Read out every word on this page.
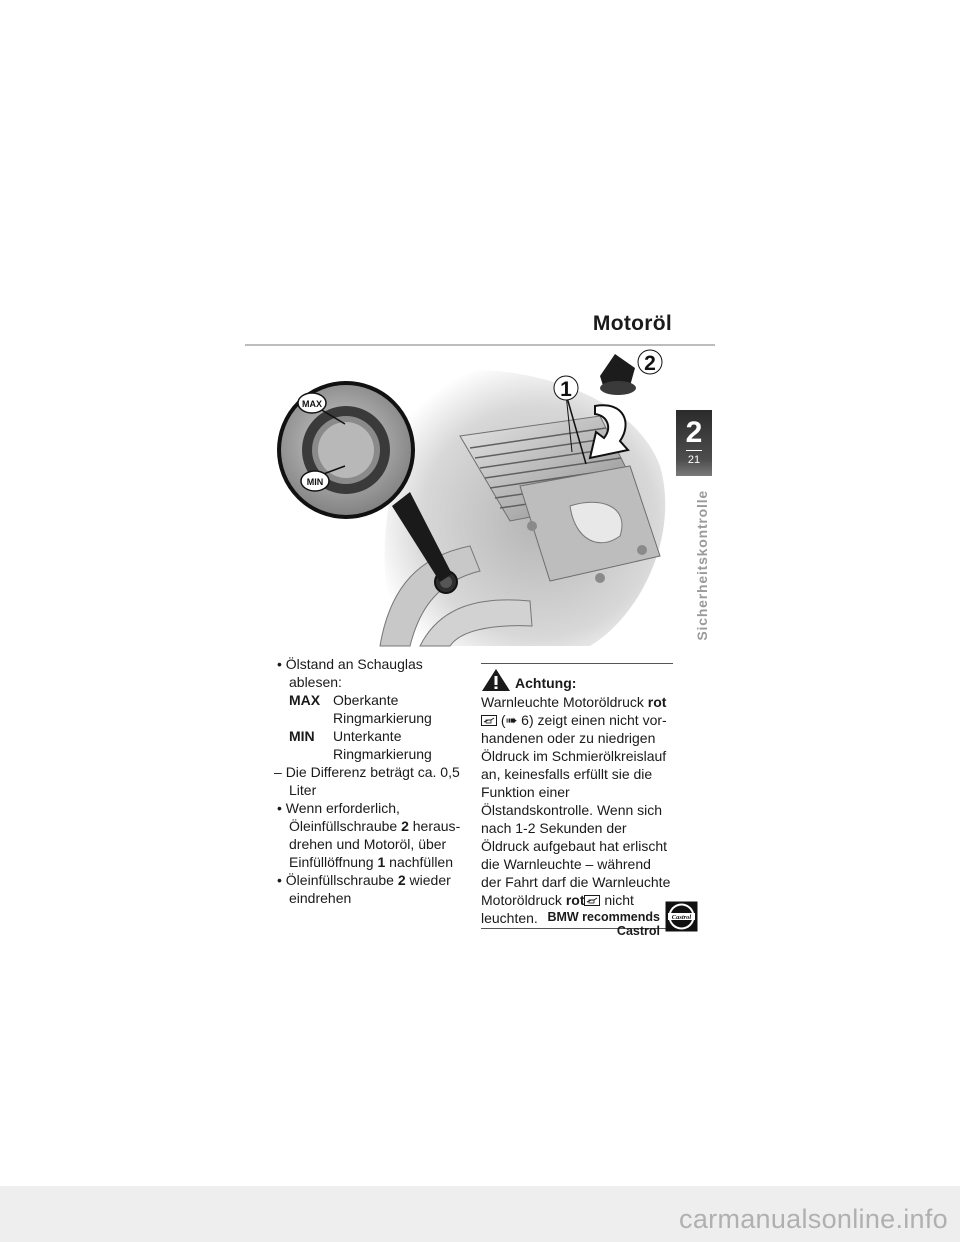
Motoröl
MAX
MIN
1
2
2
21
Sicherheitskontrolle
• Ölstand an Schauglas ablesen:
MAX Oberkante Ringmarkierung
MIN	Unterkante Ringmarkierung
– Die Differenz beträgt ca. 0,5 Liter
• Wenn erforderlich, Öleinfüllschraube 2 herausdrehen und Motoröl, über Einfüllöffnung 1 nachfüllen
• Öleinfüllschraube 2 wieder eindrehen
Achtung:
Warnleuchte Motoröldruck rot (➠ 6) zeigt einen nicht vorhandenen oder zu niedrigen Öldruck im Schmierölkreislauf an, keinesfalls erfüllt sie die Funktion einer Ölstandskontrolle. Wenn sich nach 1-2 Sekunden der Öldruck aufgebaut hat erlischt die Warnleuchte – während der Fahrt darf die Warnleuchte Motoröldruck rot nicht leuchten. BMW recommends Castrol
Castrol
carmanualsonline.info
